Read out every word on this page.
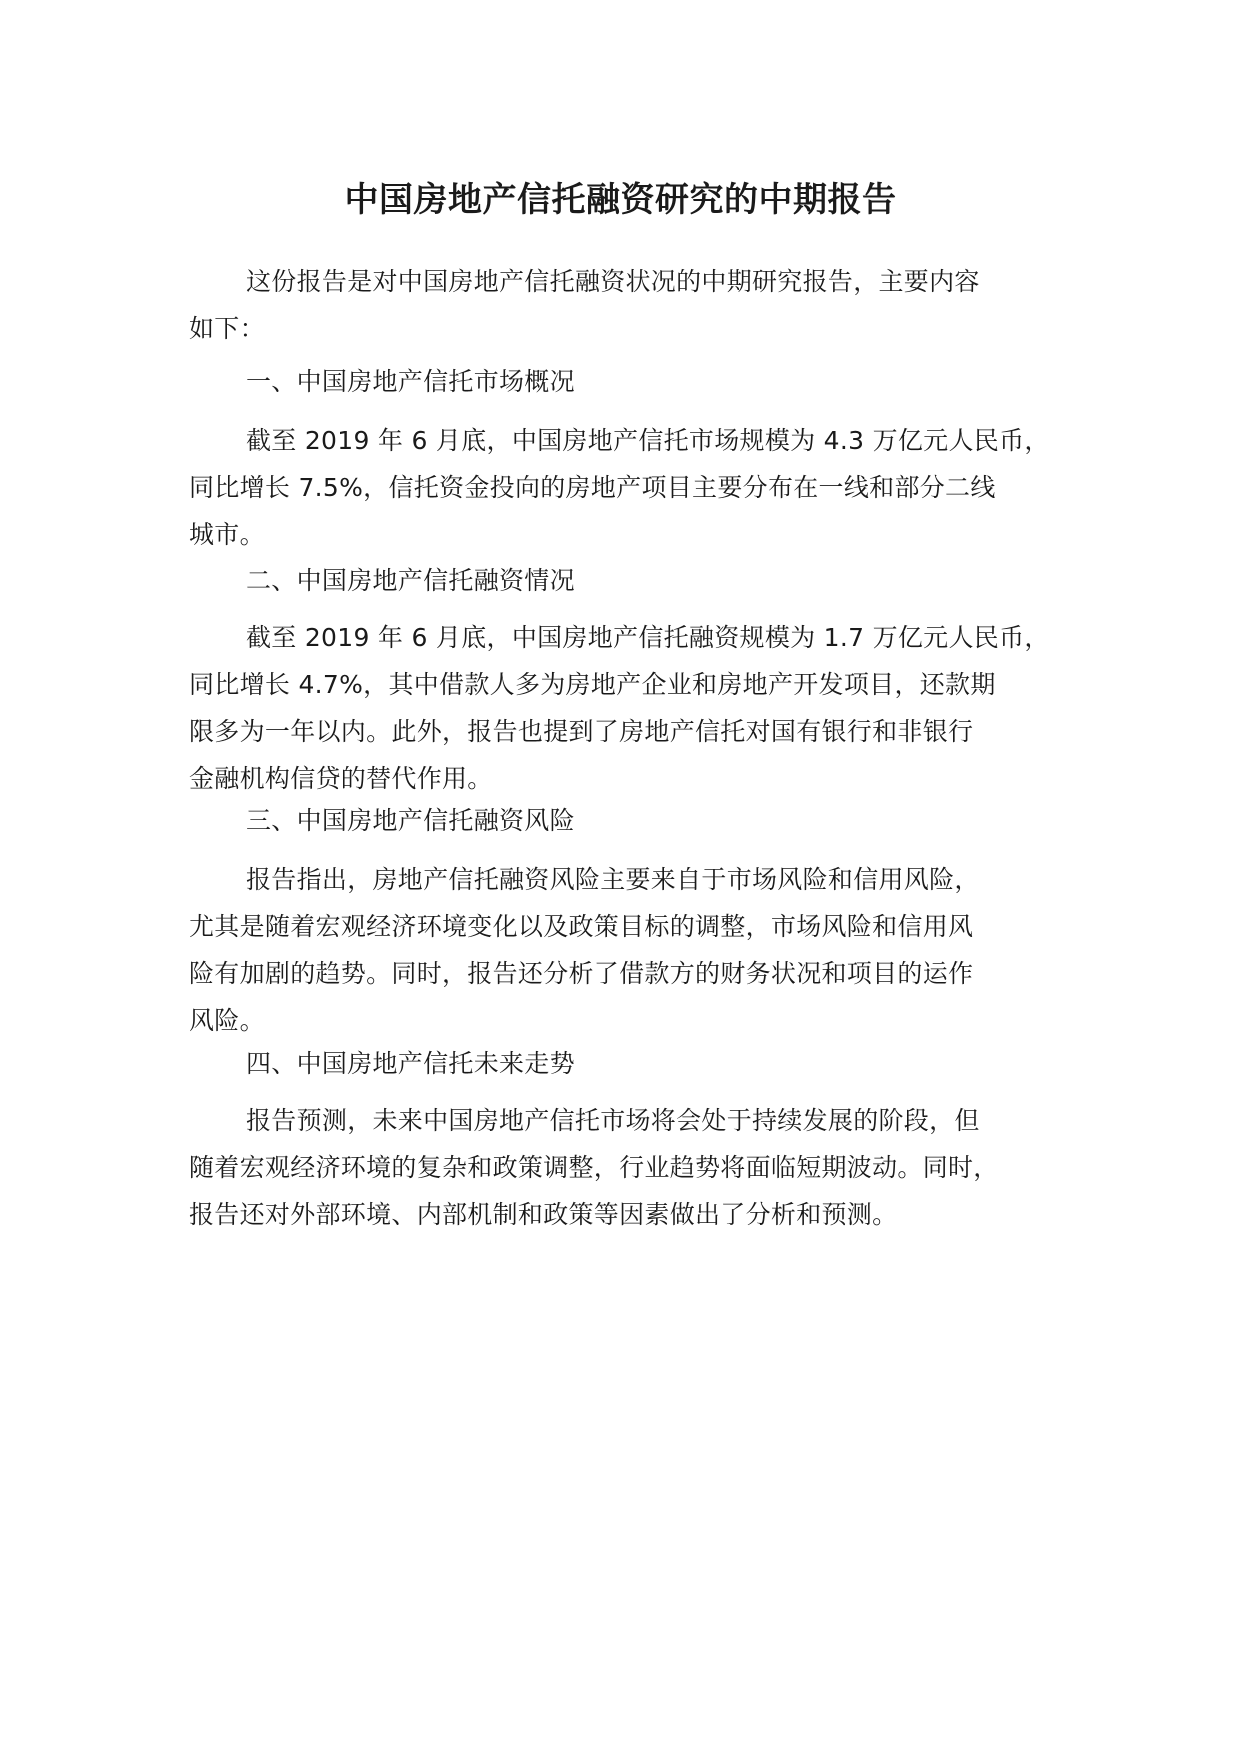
中国房地产信托融资研究的中期报告
这份报告是对中国房地产信托融资状况的中期研究报告，主要内容
如下：
一、中国房地产信托市场概况
截至 2019 年 6 月底，中国房地产信托市场规模为 4.3 万亿元人民币，
同比增长 7.5%，信托资金投向的房地产项目主要分布在一线和部分二线
城市。
二、中国房地产信托融资情况
截至 2019 年 6 月底，中国房地产信托融资规模为 1.7 万亿元人民币，
同比增长 4.7%，其中借款人多为房地产企业和房地产开发项目，还款期
限多为一年以内。此外，报告也提到了房地产信托对国有银行和非银行
金融机构信贷的替代作用。
三、中国房地产信托融资风险
报告指出，房地产信托融资风险主要来自于市场风险和信用风险，
尤其是随着宏观经济环境变化以及政策目标的调整，市场风险和信用风
险有加剧的趋势。同时，报告还分析了借款方的财务状况和项目的运作
风险。
四、中国房地产信托未来走势
报告预测，未来中国房地产信托市场将会处于持续发展的阶段，但
随着宏观经济环境的复杂和政策调整，行业趋势将面临短期波动。同时，
报告还对外部环境、内部机制和政策等因素做出了分析和预测。
